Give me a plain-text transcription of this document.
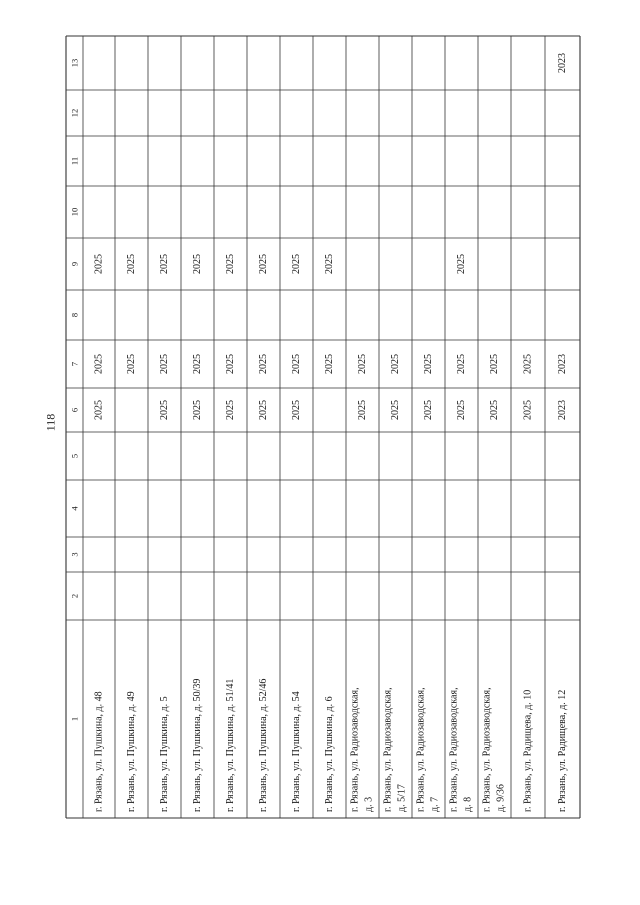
118
1
2
3
4
5
6
7
8
9
10
11
12
13
г. Рязань, ул. Пушкина, д. 48
2025
2025
2025
г. Рязань, ул. Пушкина, д. 49
2025
2025
г. Рязань, ул. Пушкина, д. 5
2025
2025
2025
г. Рязань, ул. Пушкина, д. 50/39
2025
2025
2025
г. Рязань, ул. Пушкина, д. 51/41
2025
2025
2025
г. Рязань, ул. Пушкина, д. 52/46
2025
2025
2025
г. Рязань, ул. Пушкина, д. 54
2025
2025
2025
г. Рязань, ул. Пушкина, д. 6
2025
2025
г. Рязань, ул. Радиозаводская, д. 3
2025
2025
г. Рязань, ул. Радиозаводская, д. 5/17
2025
2025
г. Рязань, ул. Радиозаводская, д. 7
2025
2025
г. Рязань, ул. Радиозаводская, д. 8
2025
2025
2025
г. Рязань, ул. Радиозаводская, д. 9/36
2025
2025
г. Рязань, ул. Радищева, д. 10
2025
2025
г. Рязань, ул. Радищева, д. 12
2023
2023
2023
